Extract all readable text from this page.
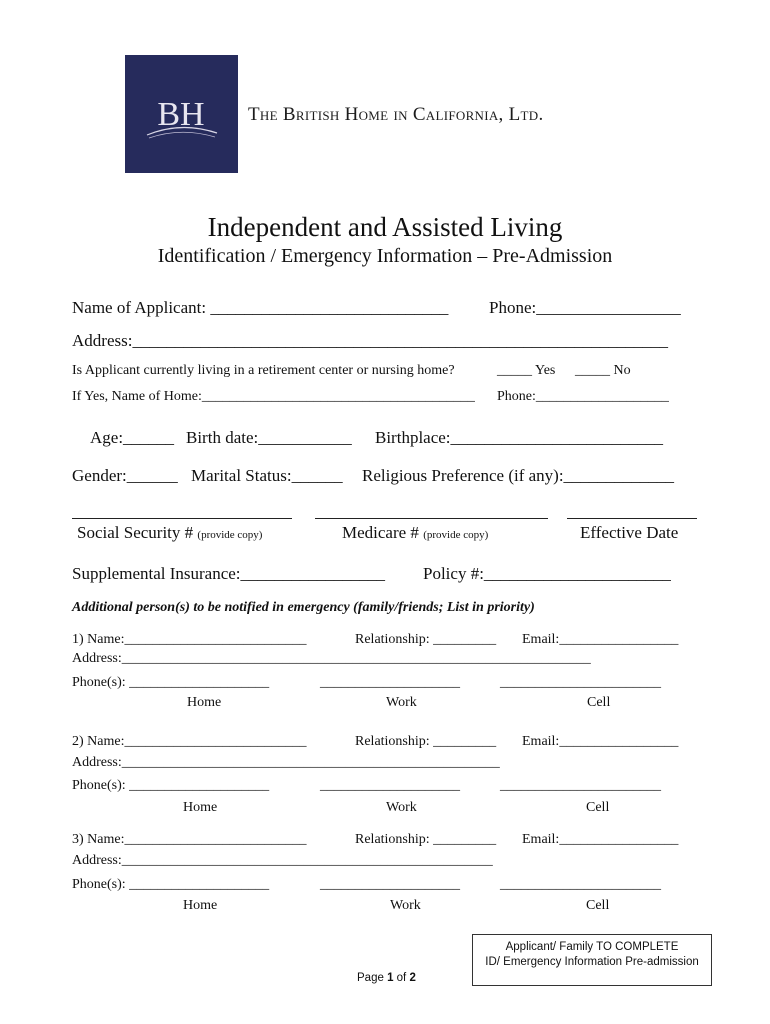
BH The British Home in California, Ltd.
Independent and Assisted Living
Identification / Emergency Information – Pre-Admission
Name of Applicant: ____________________________ Phone:_________________
Address:_______________________________________________________________
Is Applicant currently living in a retirement center or nursing home?	_____ Yes _____ No
If Yes, Name of Home:_______________________________________ Phone:___________________
Age:______ Birth date:___________ Birthplace:_________________________
Gender:______ Marital Status:______ Religious Preference (if any):_____________
Social Security # (provide copy)	Medicare # (provide copy)	Effective Date
Supplemental Insurance:_________________ Policy #:______________________
Additional person(s) to be notified in emergency (family/friends; List in priority)
1) Name:__________________________	Relationship: _________ Email:_________________
Address:___________________________________________________________________
Phone(s): ____________________	____________________	_______________________
Home	Work	Cell
2) Name:__________________________	Relationship: _________ Email:_________________
Address:______________________________________________________
Phone(s): ____________________	____________________	_______________________
Home	Work	Cell
3) Name:__________________________	Relationship: _________ Email:_________________
Address:_____________________________________________________
Phone(s): ____________________	____________________	_______________________
Home	Work	Cell
Applicant/ Family TO COMPLETE
ID/ Emergency Information Pre-admission
Page 1 of 2
